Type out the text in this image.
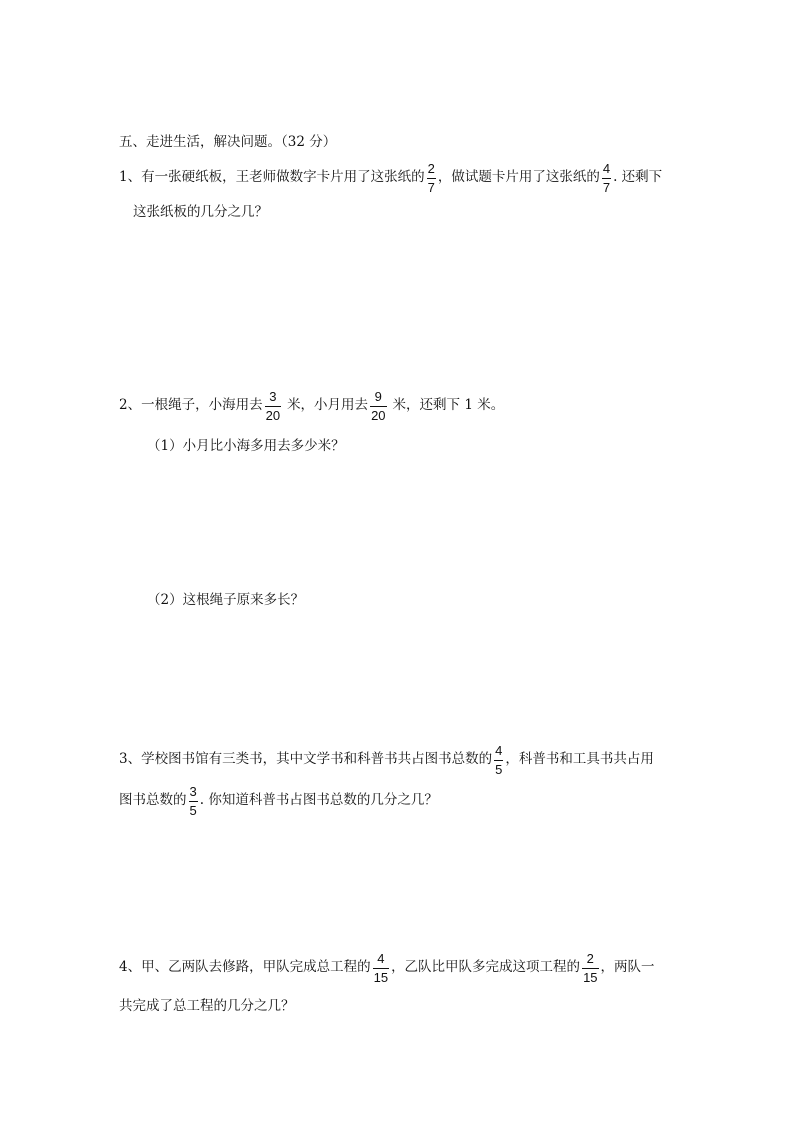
五、走进生活，解决问题。（32 分）
1、有一张硬纸板，王老师做数字卡片用了这张纸的 $\frac{2}{7}$ ，做试题卡片用了这张纸的 $\frac{4}{7}$ . 还剩下
这张纸板的几分之几？
2、一根绳子，小海用去 $\frac{3}{20}$ 米，小月用去 $\frac{9}{20}$ 米，还剩下 1 米。
（1）小月比小海多用去多少米？
（2）这根绳子原来多长？
3、学校图书馆有三类书，其中文学书和科普书共占图书总数的 $\frac{4}{5}$ ，科普书和工具书共占用
图书总数的 $\frac{3}{5}$ . 你知道科普书占图书总数的几分之几？
4、甲、乙两队去修路，甲队完成总工程的 $\frac{4}{15}$ ，乙队比甲队多完成这项工程的 $\frac{2}{15}$ ，两队一
共完成了总工程的几分之几？
